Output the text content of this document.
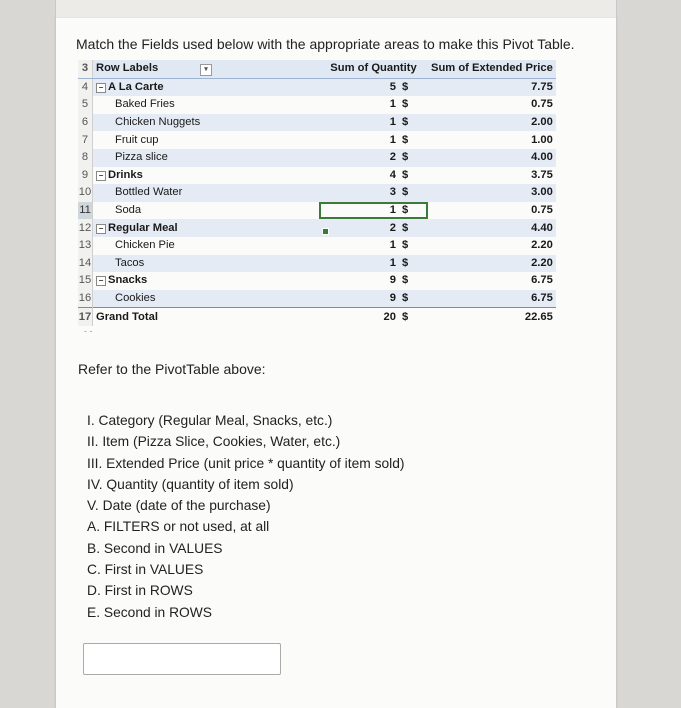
Match the Fields used below with the appropriate areas to make this Pivot Table.
3	Row Labels ▾	Sum of Quantity	Sum of Extended Price
4	− A La Carte	5 $	7.75
5	Baked Fries	1 $	0.75
6	Chicken Nuggets	1 $	2.00
7	Fruit cup	1 $	1.00
8	Pizza slice	2 $	4.00
9	− Drinks	4 $	3.75
10	Bottled Water	3 $	3.00
11	Soda	1 $	0.75
12	− Regular Meal	2 $	4.40
13	Chicken Pie	1 $	2.20
14	Tacos	1 $	2.20
15	− Snacks	9 $	6.75
16	Cookies	9 $	6.75
17	Grand Total	20 $	22.65
- -
Refer to the PivotTable above:
I. Category (Regular Meal, Snacks, etc.)
II. Item (Pizza Slice, Cookies, Water, etc.)
III. Extended Price (unit price * quantity of item sold)
IV. Quantity (quantity of item sold)
V. Date (date of the purchase)
A. FILTERS or not used, at all
B. Second in VALUES
C. First in VALUES
D. First in ROWS
E. Second in ROWS
